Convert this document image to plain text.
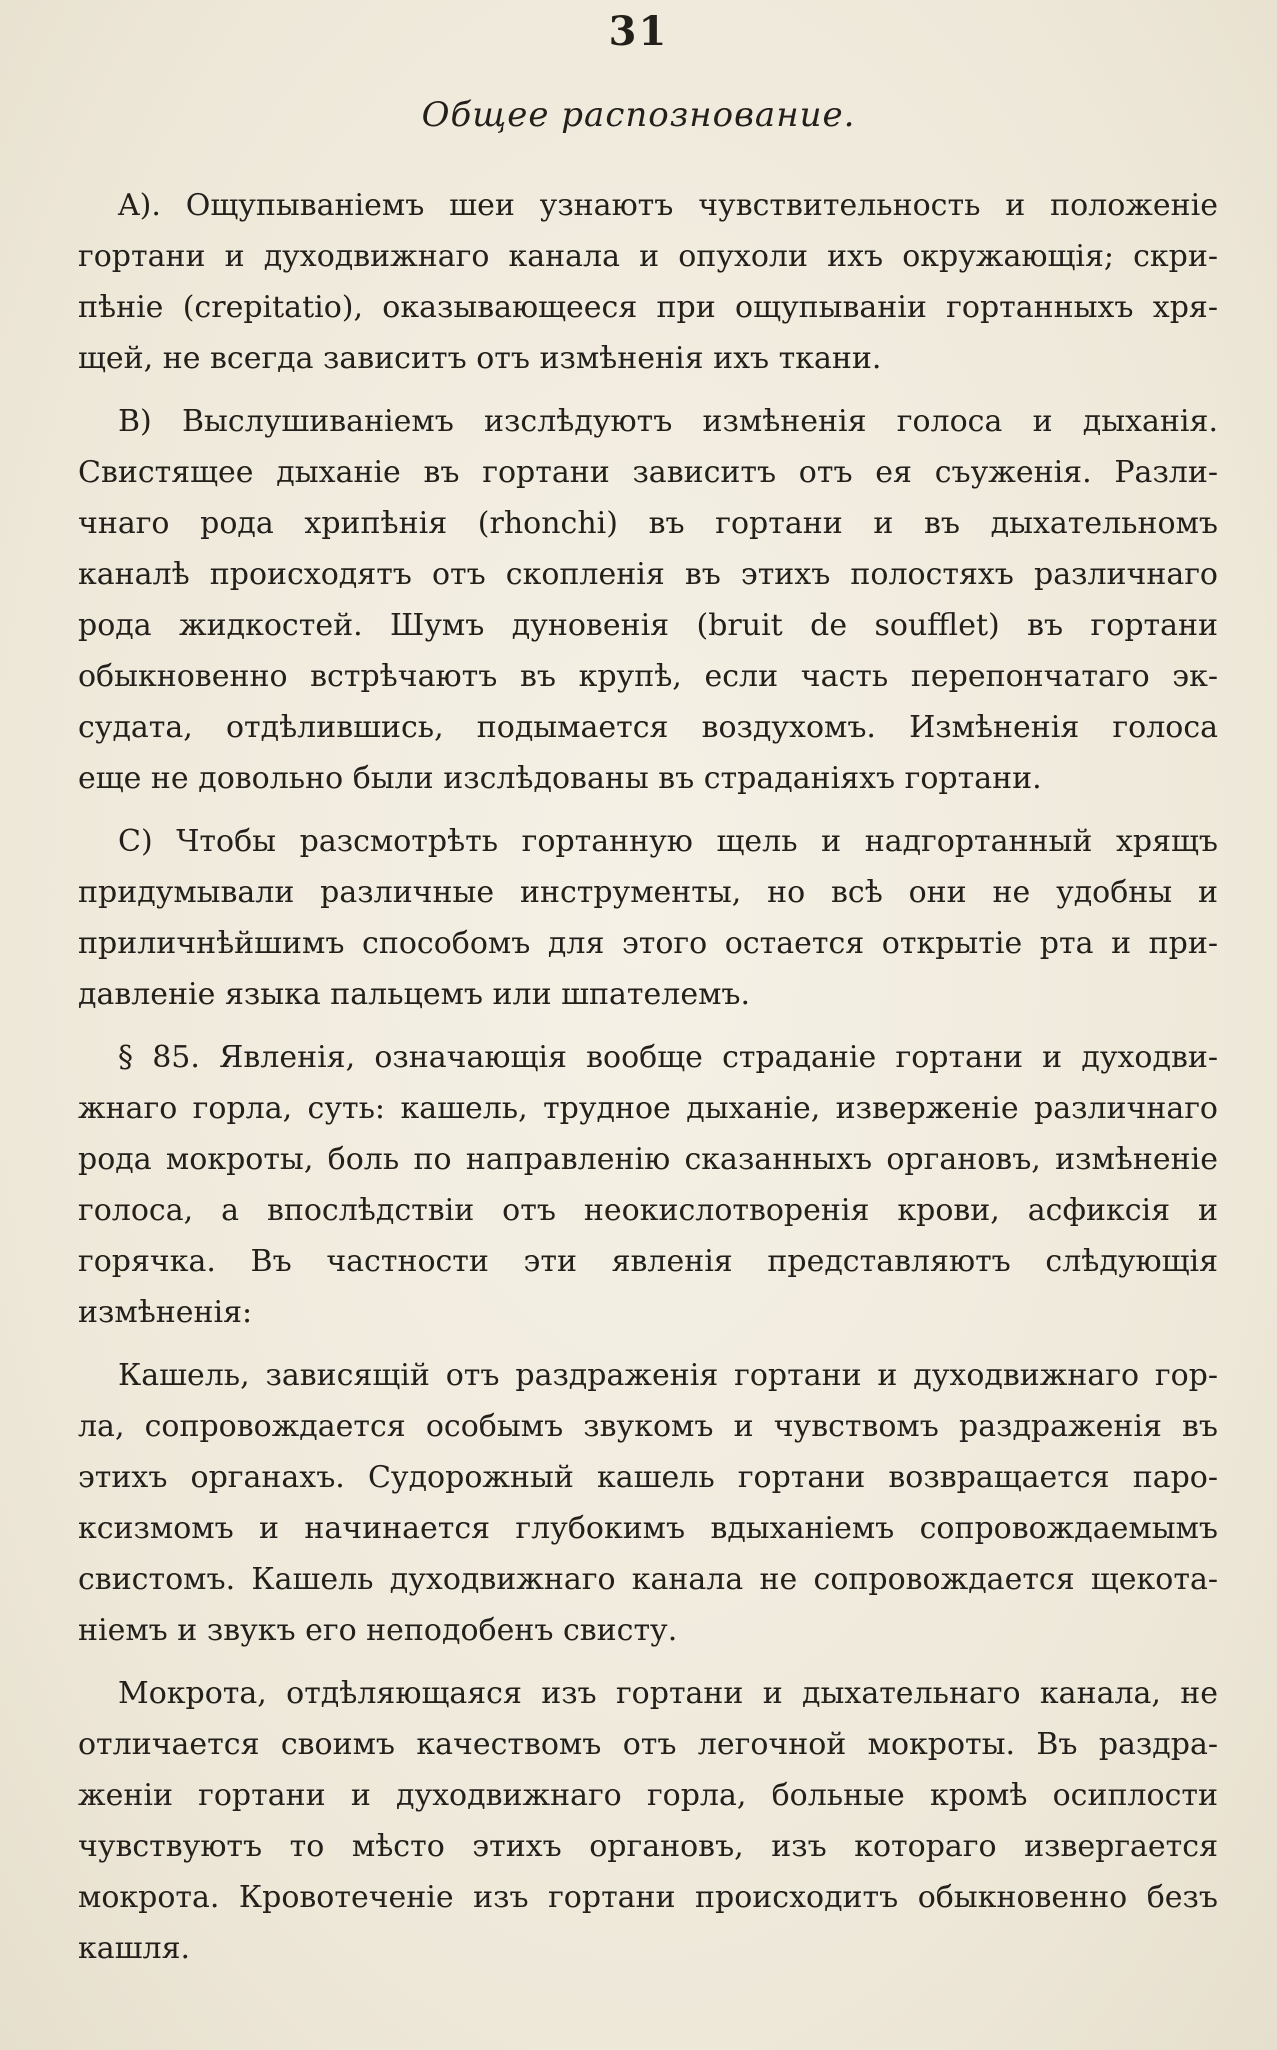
31
Общее распознование.
A). Ощупыванiемъ шеи узнаютъ чувствительность и положенiе
гортани и духодвижнаго канала и опухоли ихъ окружающiя; скри-
пѣнiе (crepitatio), оказывающееся при ощупыванiи гортанныхъ хря-
щей, не всегда зависитъ отъ измѣненiя ихъ ткани.
B) Выслушиванiемъ изслѣдуютъ измѣненiя голоса и дыханiя.
Свистящее дыханiе въ гортани зависитъ отъ ея съуженiя. Разли-
чнаго рода хрипѣнiя (rhonchi) въ гортани и въ дыхательномъ
каналѣ происходятъ отъ скопленiя въ этихъ полостяхъ различнаго
рода жидкостей. Шумъ дуновенiя (bruit de soufflet) въ гортани
обыкновенно встрѣчаютъ въ крупѣ, если часть перепончатаго эк-
судата, отдѣлившись, подымается воздухомъ. Измѣненiя голоса
еще не довольно были изслѣдованы въ страданiяхъ гортани.
C) Чтобы разсмотрѣть гортанную щель и надгортанный хрящъ
придумывали различные инструменты, но всѣ они не удобны и
приличнѣйшимъ способомъ для этого остается открытiе рта и при-
давленiе языка пальцемъ или шпателемъ.
§ 85. Явленiя, означающiя вообще страданiе гортани и духодви-
жнаго горла, суть: кашель, трудное дыханiе, изверженiе различнаго
рода мокроты, боль по направленiю сказанныхъ органовъ, измѣненiе
голоса, а впослѣдствiи отъ неокислотворенiя крови, асфиксiя и
горячка. Въ частности эти явленiя представляютъ слѣдующiя
измѣненiя:
Кашель, зависящiй отъ раздраженiя гортани и духодвижнаго гор-
ла, сопровождается особымъ звукомъ и чувствомъ раздраженiя въ
этихъ органахъ. Судорожный кашель гортани возвращается паро-
ксизмомъ и начинается глубокимъ вдыханiемъ сопровождаемымъ
свистомъ. Кашель духодвижнаго канала не сопровождается щекота-
нiемъ и звукъ его неподобенъ свисту.
Мокрота, отдѣляющаяся изъ гортани и дыхательнаго канала, не
отличается своимъ качествомъ отъ легочной мокроты. Въ раздра-
женiи гортани и духодвижнаго горла, больные кромѣ осиплости
чувствуютъ то мѣсто этихъ органовъ, изъ котораго извергается
мокрота. Кровотеченiе изъ гортани происходитъ обыкновенно безъ
кашля.
